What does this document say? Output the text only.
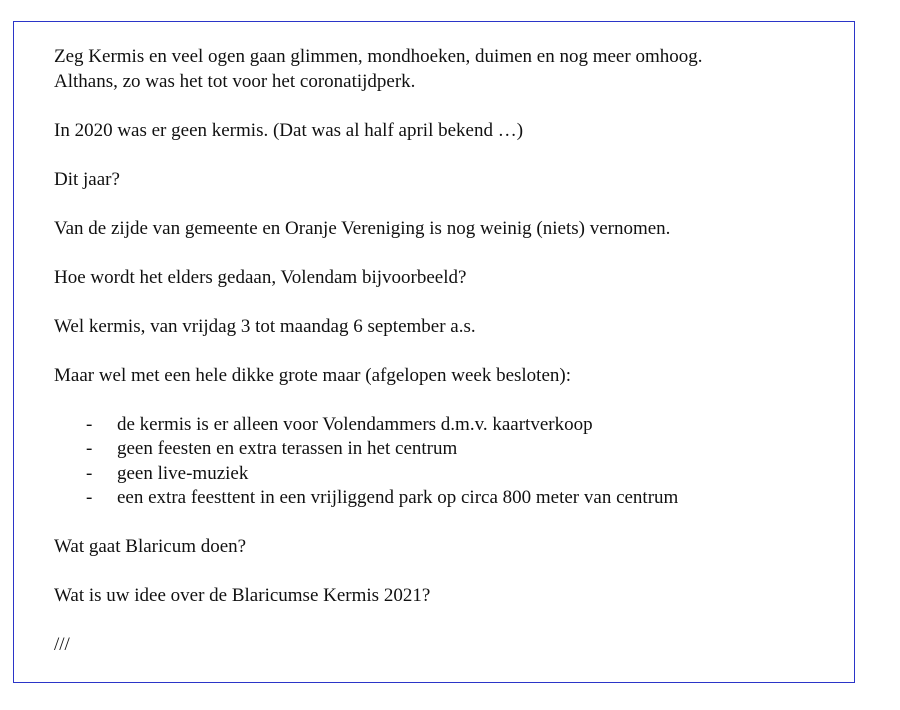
Zeg Kermis en veel ogen gaan glimmen, mondhoeken, duimen en nog meer omhoog.

Althans, zo was het tot voor het coronatijdperk.

In 2020 was er geen kermis. (Dat was al half april bekend …)

Dit jaar?

Van de zijde van gemeente en Oranje Vereniging is nog weinig (niets) vernomen.

Hoe wordt het elders gedaan, Volendam bijvoorbeeld?

Wel kermis, van vrijdag 3 tot maandag 6 september a.s.

Maar wel met een hele dikke grote maar (afgelopen week besloten):

- de kermis is er alleen voor Volendammers d.m.v. kaartverkoop
- geen feesten en extra terassen in het centrum
- geen live-muziek
- een extra feesttent in een vrijliggend park op circa 800 meter van centrum

Wat gaat Blaricum doen?

Wat is uw idee over de Blaricumse Kermis 2021?

///
